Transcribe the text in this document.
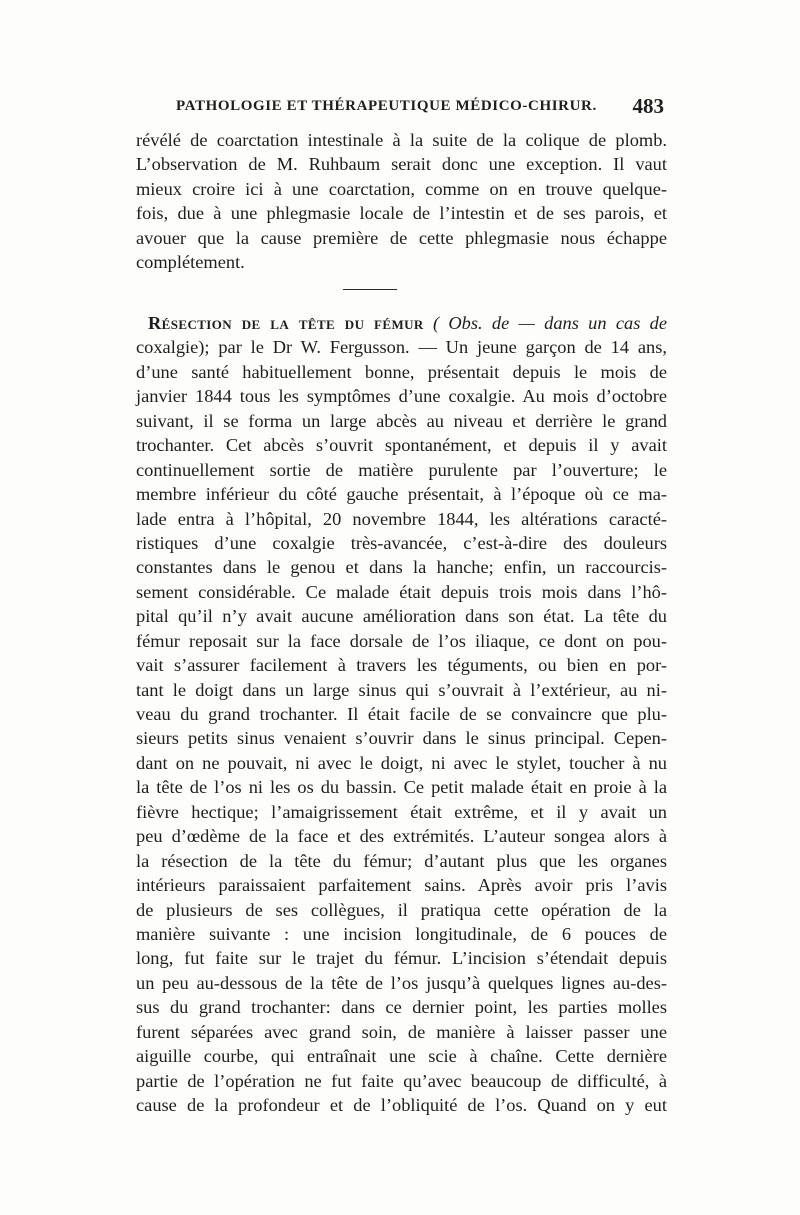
PATHOLOGIE ET THÉRAPEUTIQUE MÉDICO-CHIRUR. 483
révélé de coarctation intestinale à la suite de la colique de plomb.
L’observation de M. Ruhbaum serait donc une exception. Il vaut
mieux croire ici à une coarctation, comme on en trouve quelque-
fois, due à une phlegmasie locale de l’intestin et de ses parois, et
avouer que la cause première de cette phlegmasie nous échappe
complétement.
Résection de la tête du fémur ( Obs. de — dans un cas de
coxalgie); par le Dr W. Fergusson. — Un jeune garçon de 14 ans,
d’une santé habituellement bonne, présentait depuis le mois de
janvier 1844 tous les symptômes d’une coxalgie. Au mois d’octobre
suivant, il se forma un large abcès au niveau et derrière le grand
trochanter. Cet abcès s’ouvrit spontanément, et depuis il y avait
continuellement sortie de matière purulente par l’ouverture; le
membre inférieur du côté gauche présentait, à l’époque où ce ma-
lade entra à l’hôpital, 20 novembre 1844, les altérations caracté-
ristiques d’une coxalgie très-avancée, c’est-à-dire des douleurs
constantes dans le genou et dans la hanche; enfin, un raccourcis-
sement considérable. Ce malade était depuis trois mois dans l’hô-
pital qu’il n’y avait aucune amélioration dans son état. La tête du
fémur reposait sur la face dorsale de l’os iliaque, ce dont on pou-
vait s’assurer facilement à travers les téguments, ou bien en por-
tant le doigt dans un large sinus qui s’ouvrait à l’extérieur, au ni-
veau du grand trochanter. Il était facile de se convaincre que plu-
sieurs petits sinus venaient s’ouvrir dans le sinus principal. Cepen-
dant on ne pouvait, ni avec le doigt, ni avec le stylet, toucher à nu
la tête de l’os ni les os du bassin. Ce petit malade était en proie à la
fièvre hectique; l’amaigrissement était extrême, et il y avait un
peu d’œdème de la face et des extrémités. L’auteur songea alors à
la résection de la tête du fémur; d’autant plus que les organes
intérieurs paraissaient parfaitement sains. Après avoir pris l’avis
de plusieurs de ses collègues, il pratiqua cette opération de la
manière suivante : une incision longitudinale, de 6 pouces de
long, fut faite sur le trajet du fémur. L’incision s’étendait depuis
un peu au-dessous de la tête de l’os jusqu’à quelques lignes au-des-
sus du grand trochanter: dans ce dernier point, les parties molles
furent séparées avec grand soin, de manière à laisser passer une
aiguille courbe, qui entraînait une scie à chaîne. Cette dernière
partie de l’opération ne fut faite qu’avec beaucoup de difficulté, à
cause de la profondeur et de l’obliquité de l’os. Quand on y eut
